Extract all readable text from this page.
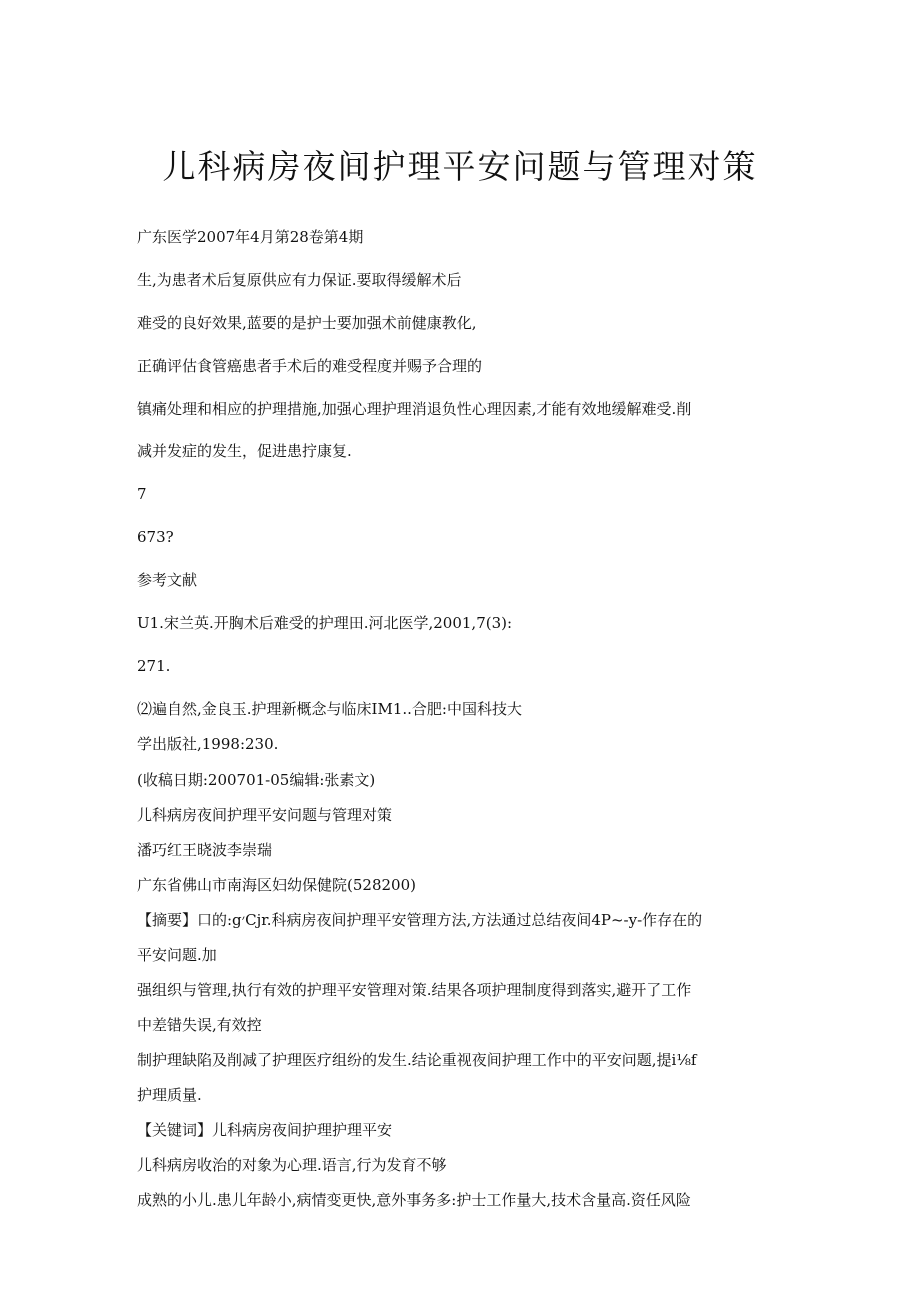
儿科病房夜间护理平安问题与管理对策
广东医学2007年4月第28卷第4期
生,为患者术后复原供应有力保证.要取得缓解术后
难受的良好效果,蓝要的是护士要加强术前健康教化,
正确评估食管癌患者手术后的难受程度并赐予合理的
镇痛处理和相应的护理措施,加强心理护理消退负性心理因素,才能有效地缓解难受.削
减并发症的发生，促进患拧康复.
7
673?
参考文献
U1.宋兰英.开胸术后难受的护理田.河北医学,2001,7(3):
271.
⑵遍自然,金良玉.护理新概念与临床IM1..合肥:中国科技大
学出版社,1998:230.
(收稿日期:200701-05编辑:张素文)
儿科病房夜间护理平安问题与管理对策
潘巧红王晓波李崇瑞
广东省佛山市南海区妇幼保健院(528200)
【摘要】口的:g׳Cjr.科病房夜间护理平安管理方法,方法通过总结夜间4P~-y-作存在的
平安问题.加
强组织与管理,执行有效的护理平安管理对策.结果各项护理制度得到落实,避开了工作
中差错失误,有效控
制护理缺陷及削减了护理医疗组纷的发生.结论重视夜间护理工作中的平安问题,提i⅛f
护理质量.
【关键词】儿科病房夜间护理护理平安
儿科病房收治的对象为心理.语言,行为发育不够
成熟的小儿.患儿年龄小,病情变更快,意外事务多:护士工作量大,技术含量高.资任风险
